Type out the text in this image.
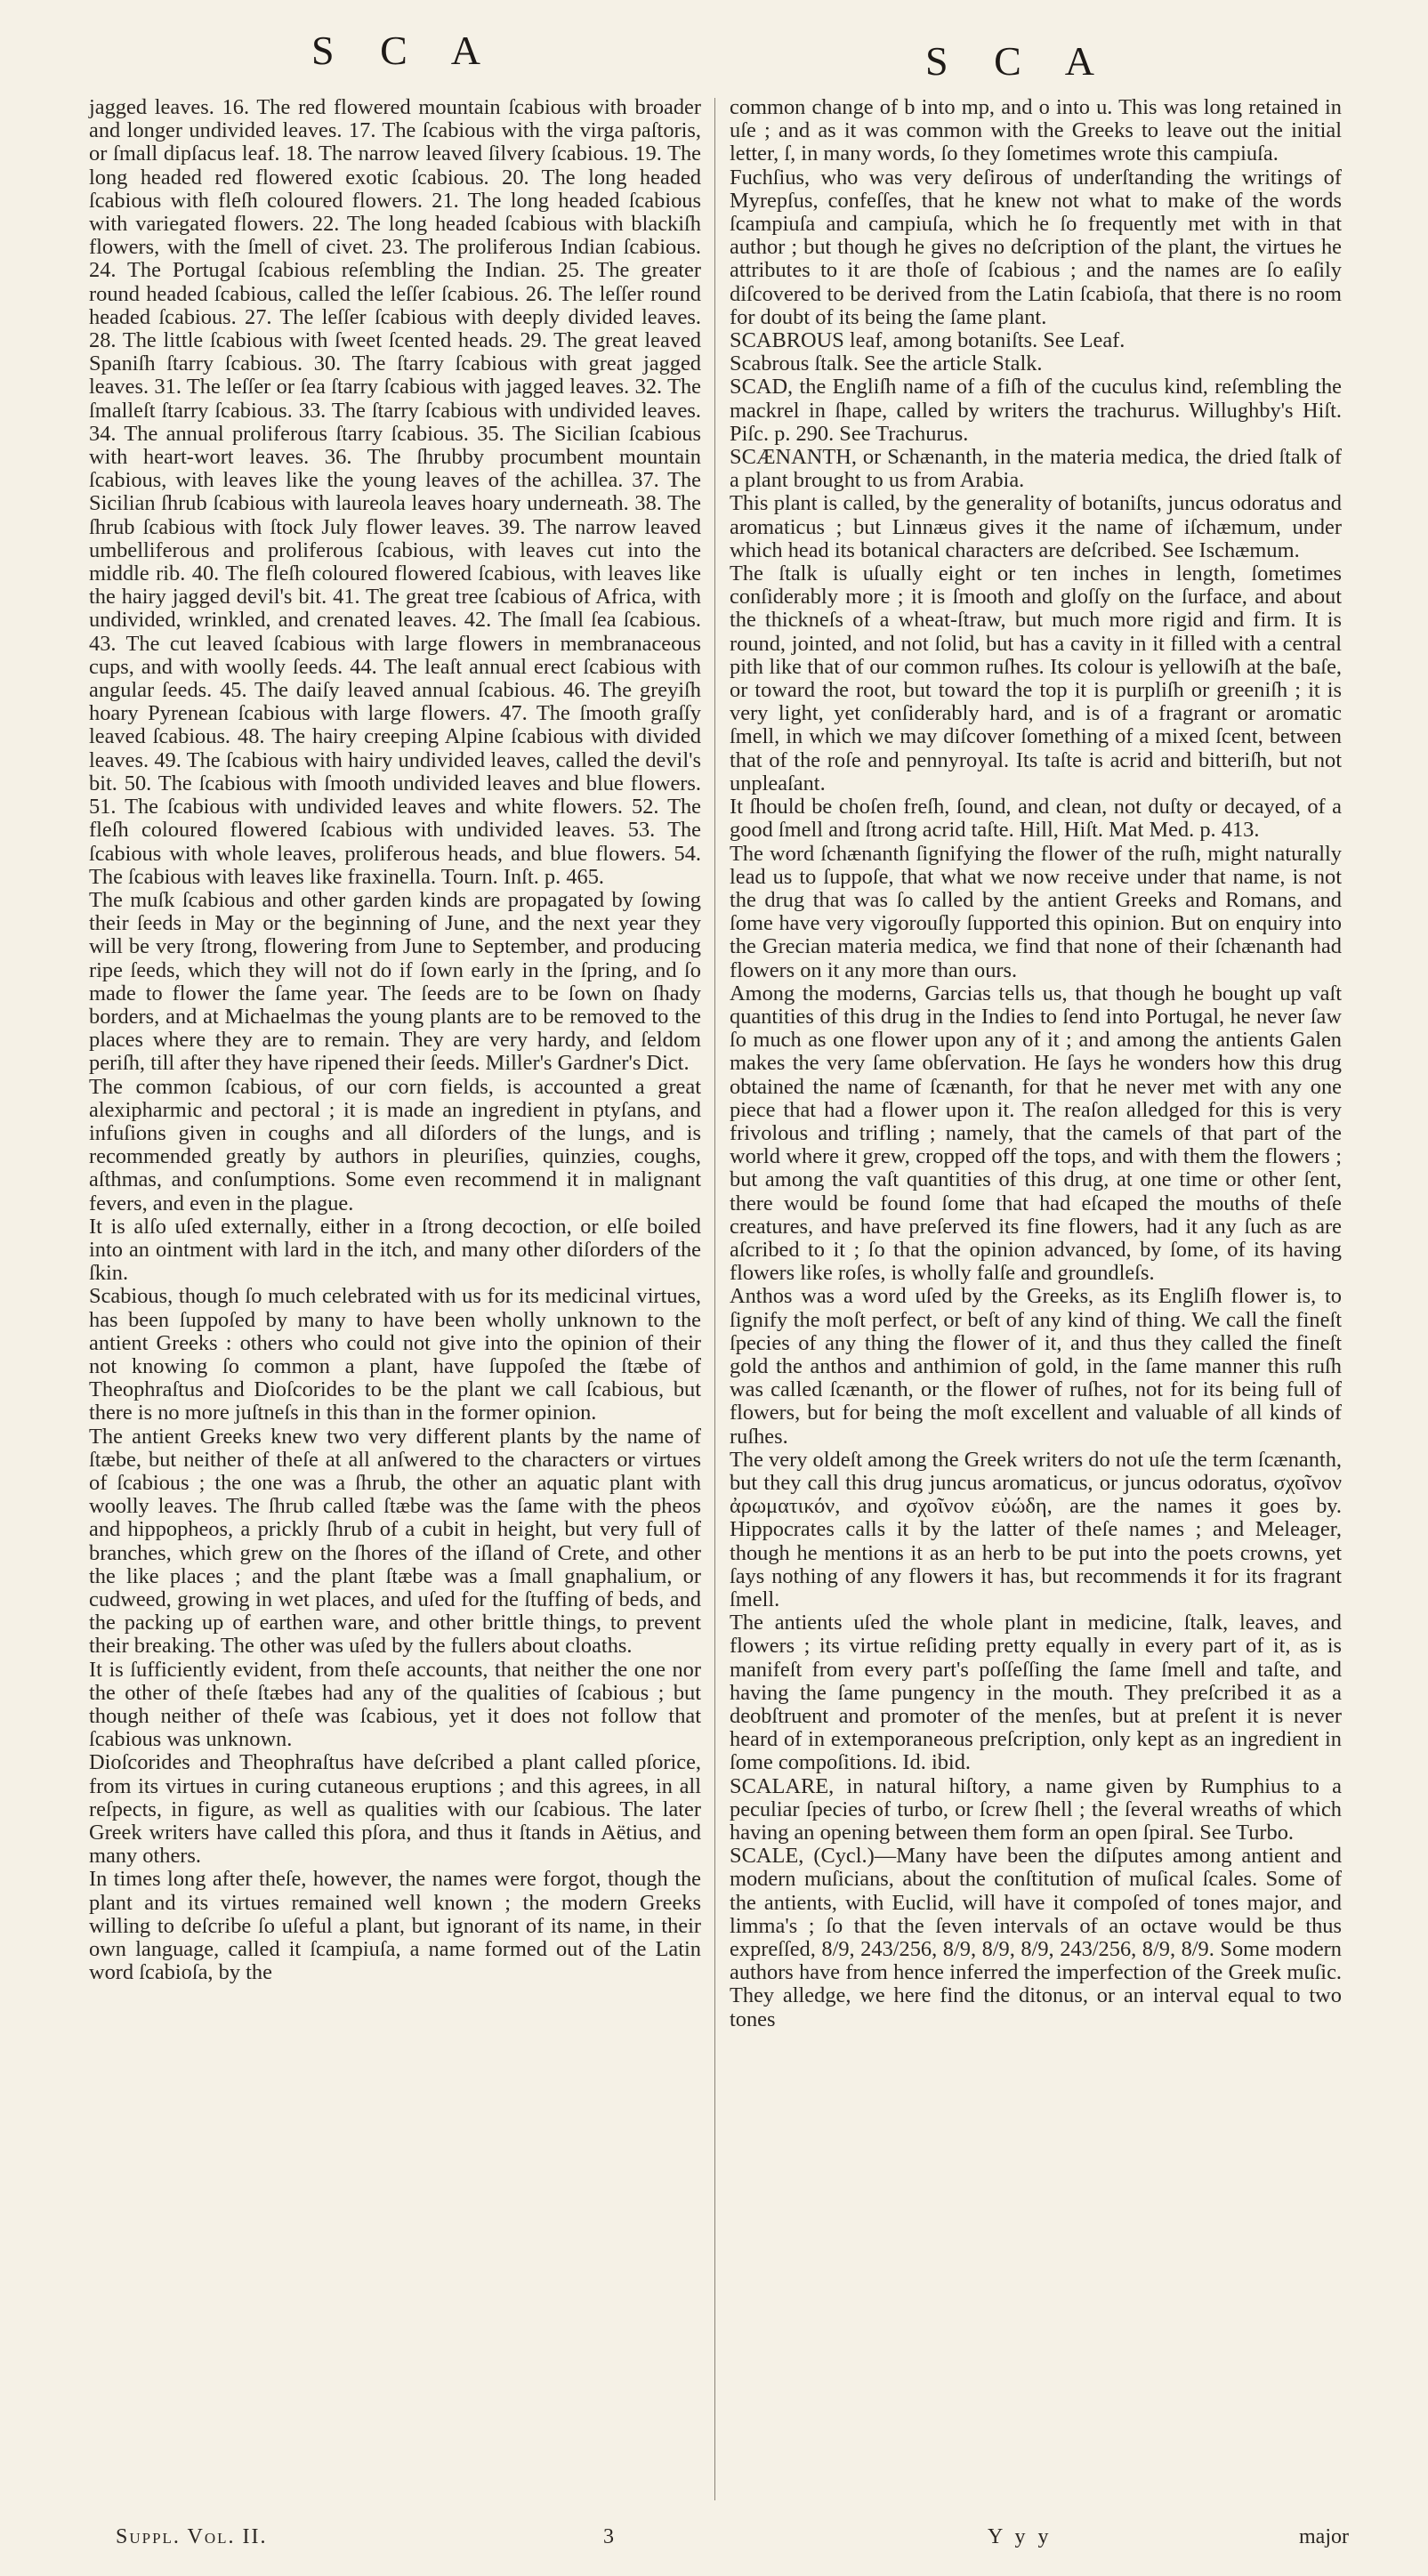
S C A	S C A

jagged leaves. 16. The red flowered mountain ſcabious with broader and longer undivided leaves. 17. The ſcabious with the virga paſtoris, or ſmall dipſacus leaf. 18. The narrow leaved ſilvery ſcabious. 19. The long headed red flowered exotic ſcabious. 20. The long headed ſcabious with fleſh coloured flowers. 21. The long headed ſcabious with variegated flowers. 22. The long headed ſcabious with blackiſh flowers, with the ſmell of civet. 23. The proliferous Indian ſcabious. 24. The Portugal ſcabious reſembling the Indian. 25. The greater round headed ſcabious, called the leſſer ſcabious. 26. The leſſer round headed ſcabious. 27. The leſſer ſcabious with deeply divided leaves. 28. The little ſcabious with ſweet ſcented heads. 29. The great leaved Spaniſh ſtarry ſcabious. 30. The ſtarry ſcabious with great jagged leaves. 31. The leſſer or ſea ſtarry ſcabious with jagged leaves. 32. The ſmalleſt ſtarry ſcabious. 33. The ſtarry ſcabious with undivided leaves. 34. The annual proliferous ſtarry ſcabious. 35. The Sicilian ſcabious with heart-wort leaves. 36. The ſhrubby procumbent mountain ſcabious, with leaves like the young leaves of the achillea. 37. The Sicilian ſhrub ſcabious with laureola leaves hoary underneath. 38. The ſhrub ſcabious with ſtock July flower leaves. 39. The narrow leaved umbelliferous and proliferous ſcabious, with leaves cut into the middle rib. 40. The fleſh coloured flowered ſcabious, with leaves like the hairy jagged devil's bit. 41. The great tree ſcabious of Africa, with undivided, wrinkled, and crenated leaves. 42. The ſmall ſea ſcabious. 43. The cut leaved ſcabious with large flowers in membranaceous cups, and with woolly ſeeds. 44. The leaſt annual erect ſcabious with angular ſeeds. 45. The daiſy leaved annual ſcabious. 46. The greyiſh hoary Pyrenean ſcabious with large flowers. 47. The ſmooth graſſy leaved ſcabious. 48. The hairy creeping Alpine ſcabious with divided leaves. 49. The ſcabious with hairy undivided leaves, called the devil's bit. 50. The ſcabious with ſmooth undivided leaves and blue flowers. 51. The ſcabious with undivided leaves and white flowers. 52. The fleſh coloured flowered ſcabious with undivided leaves. 53. The ſcabious with whole leaves, proliferous heads, and blue flowers. 54. The ſcabious with leaves like fraxinella. Tourn. Inſt. p. 465.

The muſk ſcabious and other garden kinds are propagated by ſowing their ſeeds in May or the beginning of June, and the next year they will be very ſtrong, flowering from June to September, and producing ripe ſeeds, which they will not do if ſown early in the ſpring, and ſo made to flower the ſame year. The ſeeds are to be ſown on ſhady borders, and at Michaelmas the young plants are to be removed to the places where they are to remain. They are very hardy, and ſeldom periſh, till after they have ripened their ſeeds. Miller's Gardner's Dict.

The common ſcabious, of our corn fields, is accounted a great alexipharmic and pectoral ; it is made an ingredient in ptyſans, and infuſions given in coughs and all diſorders of the lungs, and is recommended greatly by authors in pleuriſies, quinzies, coughs, aſthmas, and conſumptions. Some even recommend it in malignant fevers, and even in the plague.

It is alſo uſed externally, either in a ſtrong decoction, or elſe boiled into an ointment with lard in the itch, and many other diſorders of the ſkin.

Scabious, though ſo much celebrated with us for its medicinal virtues, has been ſuppoſed by many to have been wholly unknown to the antient Greeks : others who could not give into the opinion of their not knowing ſo common a plant, have ſuppoſed the ſtæbe of Theophraſtus and Dioſcorides to be the plant we call ſcabious, but there is no more juſtneſs in this than in the former opinion.

The antient Greeks knew two very different plants by the name of ſtæbe, but neither of theſe at all anſwered to the characters or virtues of ſcabious ; the one was a ſhrub, the other an aquatic plant with woolly leaves. The ſhrub called ſtæbe was the ſame with the pheos and hippopheos, a prickly ſhrub of a cubit in height, but very full of branches, which grew on the ſhores of the iſland of Crete, and other the like places ; and the plant ſtæbe was a ſmall gnaphalium, or cudweed, growing in wet places, and uſed for the ſtuffing of beds, and the packing up of earthen ware, and other brittle things, to prevent their breaking. The other was uſed by the fullers about cloaths.

It is ſufficiently evident, from theſe accounts, that neither the one nor the other of theſe ſtæbes had any of the qualities of ſcabious ; but though neither of theſe was ſcabious, yet it does not follow that ſcabious was unknown.

Dioſcorides and Theophraſtus have deſcribed a plant called pſorice, from its virtues in curing cutaneous eruptions ; and this agrees, in all reſpects, in figure, as well as qualities with our ſcabious. The later Greek writers have called this pſora, and thus it ſtands in Aëtius, and many others.

In times long after theſe, however, the names were forgot, though the plant and its virtues remained well known ; the modern Greeks willing to deſcribe ſo uſeful a plant, but ignorant of its name, in their own language, called it ſcampiuſa, a name formed out of the Latin word ſcabioſa, by the

common change of b into mp, and o into u. This was long retained in uſe ; and as it was common with the Greeks to leave out the initial letter, ſ, in many words, ſo they ſometimes wrote this campiuſa.

Fuchſius, who was very deſirous of underſtanding the writings of Myrepſus, confeſſes, that he knew not what to make of the words ſcampiuſa and campiuſa, which he ſo frequently met with in that author ; but though he gives no deſcription of the plant, the virtues he attributes to it are thoſe of ſcabious ; and the names are ſo eaſily diſcovered to be derived from the Latin ſcabioſa, that there is no room for doubt of its being the ſame plant.

SCABROUS leaf, among botaniſts. See Leaf.

Scabrous ſtalk. See the article Stalk.

SCAD, the Engliſh name of a fiſh of the cuculus kind, reſembling the mackrel in ſhape, called by writers the trachurus. Willughby's Hiſt. Piſc. p. 290. See Trachurus.

SCÆNANTH, or Schænanth, in the materia medica, the dried ſtalk of a plant brought to us from Arabia.

This plant is called, by the generality of botaniſts, juncus odoratus and aromaticus ; but Linnæus gives it the name of iſchæmum, under which head its botanical characters are deſcribed. See Ischæmum.

The ſtalk is uſually eight or ten inches in length, ſometimes conſiderably more ; it is ſmooth and gloſſy on the ſurface, and about the thickneſs of a wheat-ſtraw, but much more rigid and firm. It is round, jointed, and not ſolid, but has a cavity in it filled with a central pith like that of our common ruſhes. Its colour is yellowiſh at the baſe, or toward the root, but toward the top it is purpliſh or greeniſh ; it is very light, yet conſiderably hard, and is of a fragrant or aromatic ſmell, in which we may diſcover ſomething of a mixed ſcent, between that of the roſe and pennyroyal. Its taſte is acrid and bitteriſh, but not unpleaſant.

It ſhould be choſen freſh, ſound, and clean, not duſty or decayed, of a good ſmell and ſtrong acrid taſte. Hill, Hiſt. Mat Med. p. 413.

The word ſchænanth ſignifying the flower of the ruſh, might naturally lead us to ſuppoſe, that what we now receive under that name, is not the drug that was ſo called by the antient Greeks and Romans, and ſome have very vigorouſly ſupported this opinion. But on enquiry into the Grecian materia medica, we find that none of their ſchænanth had flowers on it any more than ours.

Among the moderns, Garcias tells us, that though he bought up vaſt quantities of this drug in the Indies to ſend into Portugal, he never ſaw ſo much as one flower upon any of it ; and among the antients Galen makes the very ſame obſervation. He ſays he wonders how this drug obtained the name of ſcænanth, for that he never met with any one piece that had a flower upon it. The reaſon alledged for this is very frivolous and trifling ; namely, that the camels of that part of the world where it grew, cropped off the tops, and with them the flowers ; but among the vaſt quantities of this drug, at one time or other ſent, there would be found ſome that had eſcaped the mouths of theſe creatures, and have preſerved its fine flowers, had it any ſuch as are aſcribed to it ; ſo that the opinion advanced, by ſome, of its having flowers like roſes, is wholly falſe and groundleſs.

Anthos was a word uſed by the Greeks, as its Engliſh flower is, to ſignify the moſt perfect, or beſt of any kind of thing. We call the fineſt ſpecies of any thing the flower of it, and thus they called the fineſt gold the anthos and anthimion of gold, in the ſame manner this ruſh was called ſcænanth, or the flower of ruſhes, not for its being full of flowers, but for being the moſt excellent and valuable of all kinds of ruſhes.

The very oldeſt among the Greek writers do not uſe the term ſcænanth, but they call this drug juncus aromaticus, or juncus odoratus, σχοῖνον ἀρωματικόν, and σχοῖνον εὐώδη, are the names it goes by. Hippocrates calls it by the latter of theſe names ; and Meleager, though he mentions it as an herb to be put into the poets crowns, yet ſays nothing of any flowers it has, but recommends it for its fragrant ſmell.

The antients uſed the whole plant in medicine, ſtalk, leaves, and flowers ; its virtue reſiding pretty equally in every part of it, as is manifeſt from every part's poſſeſſing the ſame ſmell and taſte, and having the ſame pungency in the mouth. They preſcribed it as a deobſtruent and promoter of the menſes, but at preſent it is never heard of in extemporaneous preſcription, only kept as an ingredient in ſome compoſitions. Id. ibid.

SCALARE, in natural hiſtory, a name given by Rumphius to a peculiar ſpecies of turbo, or ſcrew ſhell ; the ſeveral wreaths of which having an opening between them form an open ſpiral. See Turbo.

SCALE, (Cycl.)—Many have been the diſputes among antient and modern muſicians, about the conſtitution of muſical ſcales. Some of the antients, with Euclid, will have it compoſed of tones major, and limma's ; ſo that the ſeven intervals of an octave would be thus expreſſed, 8/9, 243/256, 8/9, 8/9, 8/9, 243/256, 8/9, 8/9. Some modern authors have from hence inferred the imperfection of the Greek muſic. They alledge, we here find the ditonus, or an interval equal to two tones

Suppl. Vol. II.	3	Y y y	major
